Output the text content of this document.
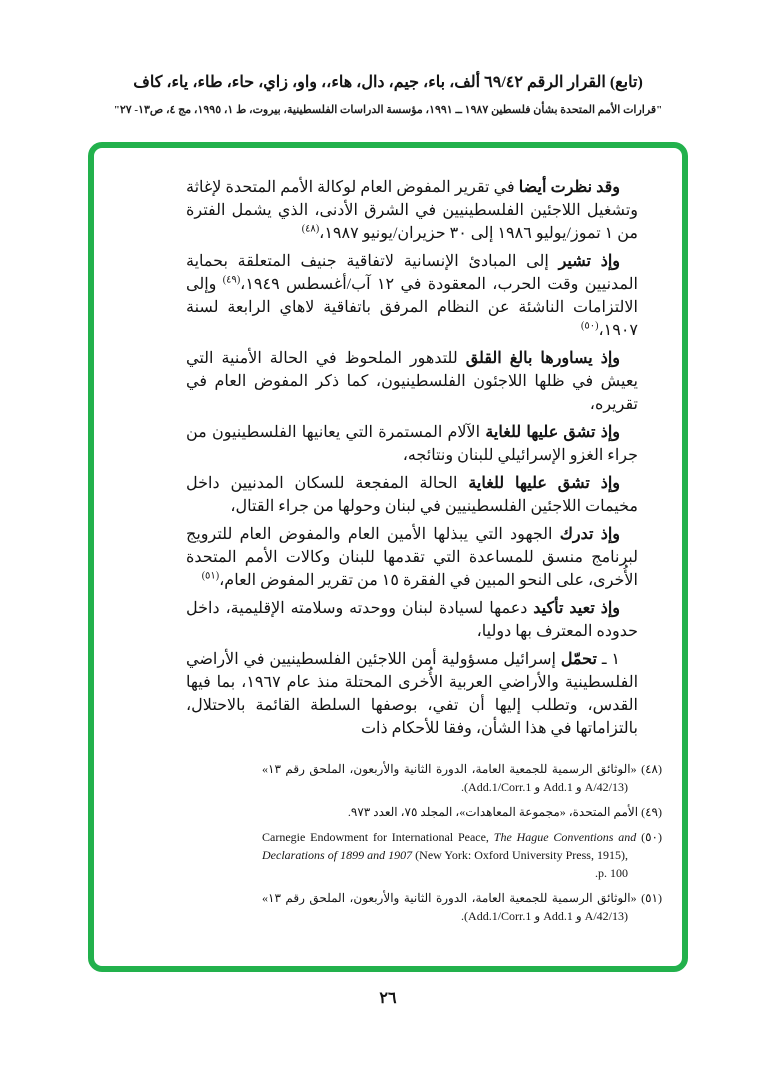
(تابع) القرار الرقم ٦٩/٤٢ ألف، باء، جيم، دال، هاء،، واو، زاي، حاء، طاء، ياء، كاف
"قرارات الأمم المتحدة بشأن فلسطين ١٩٨٧ ــ ١٩٩١، مؤسسة الدراسات الفلسطينية، بيروت، ط ١، ١٩٩٥، مج ٤، ص١٣- ٢٧"

وقد نظرت أيضا في تقرير المفوض العام لوكالة الأمم المتحدة لإغاثة وتشغيل اللاجئين الفلسطينيين في الشرق الأدنى، الذي يشمل الفترة من ١ تموز/يوليو ١٩٨٦ إلى ٣٠ حزيران/يونيو ١٩٨٧،$^{(٤٨)}$

وإذ تشير إلى المبادئ الإنسانية لاتفاقية جنيف المتعلقة بحماية المدنيين وقت الحرب، المعقودة في ١٢ آب/أغسطس ١٩٤٩،$^{(٤٩)}$ وإلى الالتزامات الناشئة عن النظام المرفق باتفاقية لاهاي الرابعة لسنة ١٩٠٧،$^{(٥٠)}$

وإذ يساورها بالغ القلق للتدهور الملحوظ في الحالة الأمنية التي يعيش في ظلها اللاجئون الفلسطينيون، كما ذكر المفوض العام في تقريره،

وإذ تشق عليها للغاية الآلام المستمرة التي يعانيها الفلسطينيون من جراء الغزو الإسرائيلي للبنان ونتائجه،

وإذ تشق عليها للغاية الحالة المفجعة للسكان المدنيين داخل مخيمات اللاجئين الفلسطينيين في لبنان وحولها من جراء القتال،

وإذ تدرك الجهود التي يبذلها الأمين العام والمفوض العام للترويج لبرنامج منسق للمساعدة التي تقدمها للبنان وكالات الأمم المتحدة الأُخرى، على النحو المبين في الفقرة ١٥ من تقرير المفوض العام،$^{(٥١)}$

وإذ تعيد تأكيد دعمها لسيادة لبنان ووحدته وسلامته الإقليمية، داخل حدوده المعترف بها دوليا،

١ ـ تحمّل إسرائيل مسؤولية أمن اللاجئين الفلسطينيين في الأراضي الفلسطينية والأراضي العربية الأُخرى المحتلة منذ عام ١٩٦٧، بما فيها القدس، وتطلب إليها أن تفي، بوصفها السلطة القائمة بالاحتلال، بالتزاماتها في هذا الشأن، وفقا للأحكام ذات

(٤٨) «الوثائق الرسمية للجمعية العامة، الدورة الثانية والأربعون، الملحق رقم ١٣» (A/42/13 و Add.1 و Add.1/Corr.1).

(٤٩) الأمم المتحدة، «مجموعة المعاهدات»، المجلد ٧٥، العدد ٩٧٣.

(٥٠) Carnegie Endowment for International Peace, The Hague Conventions and Declarations of 1899 and 1907 (New York: Oxford University Press, 1915), p. 100.

(٥١) «الوثائق الرسمية للجمعية العامة، الدورة الثانية والأربعون، الملحق رقم ١٣» (A/42/13 و Add.1 و Add.1/Corr.1).

٢٦
